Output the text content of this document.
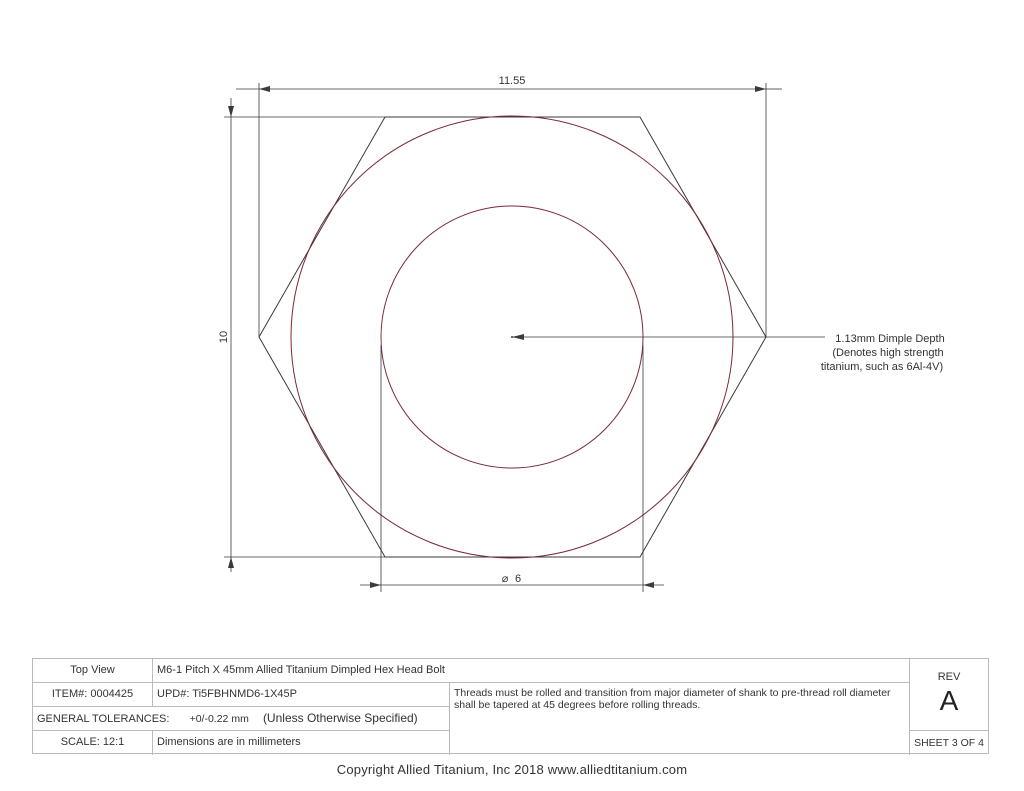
11.55
10
⌀ 6
1.13mm Dimple Depth
(Denotes high strength
titanium, such as 6Al-4V)
Top View	M6-1 Pitch X 45mm Allied Titanium Dimpled Hex Head Bolt
ITEM#: 0004425	UPD#: Ti5FBHNMD6-1X45P
GENERAL TOLERANCES: +0/-0.22 mm (Unless Otherwise Specified)
SCALE: 12:1	Dimensions are in millimeters
Threads must be rolled and transition from major diameter of shank to pre-thread roll diameter shall be tapered at 45 degrees before rolling threads.
REV
A
SHEET 3 OF 4
Copyright Allied Titanium, Inc 2018 www.alliedtitanium.com
